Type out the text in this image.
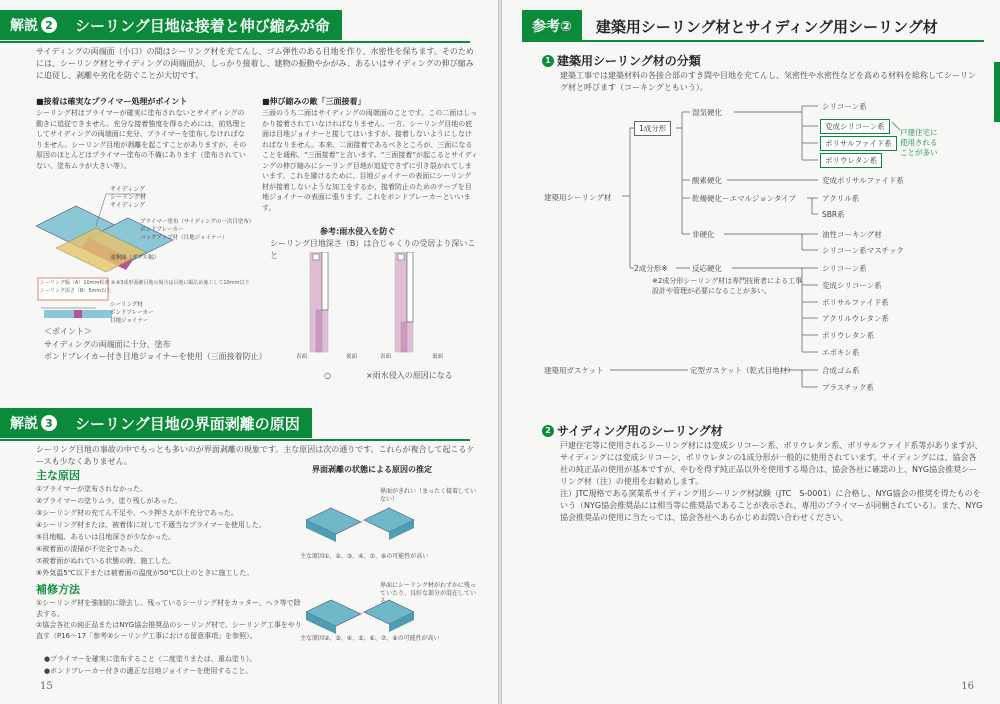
解説 2	シーリング目地は接着と伸び縮みが命
サイディングの両端面（小口）の間はシーリング材を充てんし、ゴム弾性のある目地を作り、水密性を保ちます。そのためには、シーリング材とサイディングの両端面が、しっかり接着し、建物の振動やかがみ、あるいはサイディングの伸び縮みに追従し、剥離や劣化を防ぐことが大切です。
■接着は確実なプライマー処理がポイント
シーリング材はプライマーが確実に塗布されないとサイディングの動きに追従できません。充分な接着強度を得るためには、前処理としてサイディングの両端面に充分、プライマーを塗布しなければなりません。シーリング目地が剥離を起こすことがありますが、その原因のほとんどはプライマー塗布の不備にあります（塗布されていない、塗布ムラが大きい等）。
■伸び縮みの敵「三面接着」
三面のうち二面はサイディングの両端面のことです。この二面はしっかり接着されていなければなりません。一方、シーリング目地の底面は目地ジョイナーと接してはいますが、接着しないようにしなければなりません。本来、二面接着であるべきところが、三面になることを通称、“三面接着”と言います。“三面接着”が起こるとサイディングの伸び縮みにシーリング目地が追従できずに引き裂かれてしまいます。これを避けるために、目地ジョイナーの表面にシーリング材が接着しないような加工をするか、接着防止のためのテープを目地ジョイナーの表面に張ります。これをボンドブレーカーといいます。
サイディング
シーリング材
サイディング
プライマー塗布（サイディングの一次目塗布）
ボンドブレーカー
バックアップ材（目地ジョイナー）
通胴縁（ダブル幅）
シーリング幅（A）10mm程度 ※
シーリング深さ（B）5mm以上
※3成形張継目地の場合は目地に幅広め施工して10mm以下
シーリング材
ボンドブレーカー
目地ジョイナー
＜ポイント＞
サイディングの両端面に十分、塗布
ボンドブレイカー付き目地ジョイナーを使用（三面接着防止）
参考:雨水侵入を防ぐ
シーリング目地深さ（B）は合じゃくりの受居より深いこと
表面	裏面	表面	裏面
○	×雨水侵入の原因になる
解説 3	シーリング目地の界面剥離の原因
シーリング目地の事故の中でもっとも多いのが界面剥離の現象です。主な原因は次の通りです。これらが複合して起こるケースも少なくありません。
主な原因
①プライマーが塗布されなかった。
②プライマーの塗りムラ、塗り残しがあった。
③シーリング材の充てん不足や、へラ押さえが不充分であった。
④シーリング材または、被着体に対して不適当なプライマーを使用した。
⑤目地幅、あるいは目地深さが少なかった。
⑥被着面の清掃が不完全であった。
⑦被着面がぬれている状態の時、施工した。
⑧外気温5℃以下または被着面の温度が50℃以上のときに施工した。
補修方法
①シーリング材を強制的に除去し、残っているシーリング材をカッター、ヘラ等で除去する。
②協会各社の純正品またはNYG協会推奨品のシーリング材で、シーリング工事をやり直す（P16～17「参考②シーリング工事における留意事項」を参照）。
●プライマーを確実に塗布すること（二度塗りまたは、重ね塗り）。
●ボンドブレーカー付きの適正な目地ジョイナーを使用すること。
界面剥離の状態による原因の推定
界面がきれい（まったく接着していない）
主な原因①、②、③、④、⑦、⑧の可能性が高い
界面にシーリング材がわずかに残っていたり、良好な部分が混在している
主な原因②、③、④、⑤、⑥、⑦、⑧の可能性が高い
15
参考②	建築用シーリング材とサイディング用シーリング材
1 建築用シーリング材の分類
建築工事では建築材料の各接合部のすき間や目地を充てんし、気密性や水密性などを高める材料を総称してシーリング材と呼びます（コーキングともいう）。
建築用シーリング材
1成分形
2成分形※
建築用ガスケット
湿気硬化
酸素硬化
乾燥硬化ーエマルジョンタイプ
非硬化
反応硬化
シリコーン系
変成シリコーン系
ポリサルファイド系
ポリウレタン系
戸建住宅に
使用される
ことが多い
変成ポリサルファイド系
アクリル系
SBR系
油性コーキング材
シリコーン系マスチック
シリコーン系
変成シリコーン系
ポリサルファイド系
アクリルウレタン系
ポリウレタン系
エポキシ系
※2成分形シーリング材は専門技術者による工事設計や管理が必要になることが多い。
定型ガスケット（乾式目地材）	合成ゴム系
プラスチック系
2 サイディング用のシーリング材
戸建住宅等に使用されるシーリング材には変成シリコーン系、ポリウレタン系、ポリサルファイド系等がありますが、サイディングには変成シリコーン、ポリウレタンの1成分形が一般的に使用されています。サイディングには、協会各社の純正品の使用が基本ですが、やむを得ず純正品以外を使用する場合は、協会各社に確認の上、NYG協会推奨シーリング材（注）の使用をお勧めします。
注）JTC規格である窯業系サイディング用シーリング材試験（JTC　S-0001）に合格し、NYG協会の推奨を得たものをいう（NYG協会推奨品には相当等に推奨品であることが表示され、専用のプライマーが同梱されている）。また、NYG協会推奨品の使用に当たっては、協会各社へあらかじめお問い合わせください。
16
